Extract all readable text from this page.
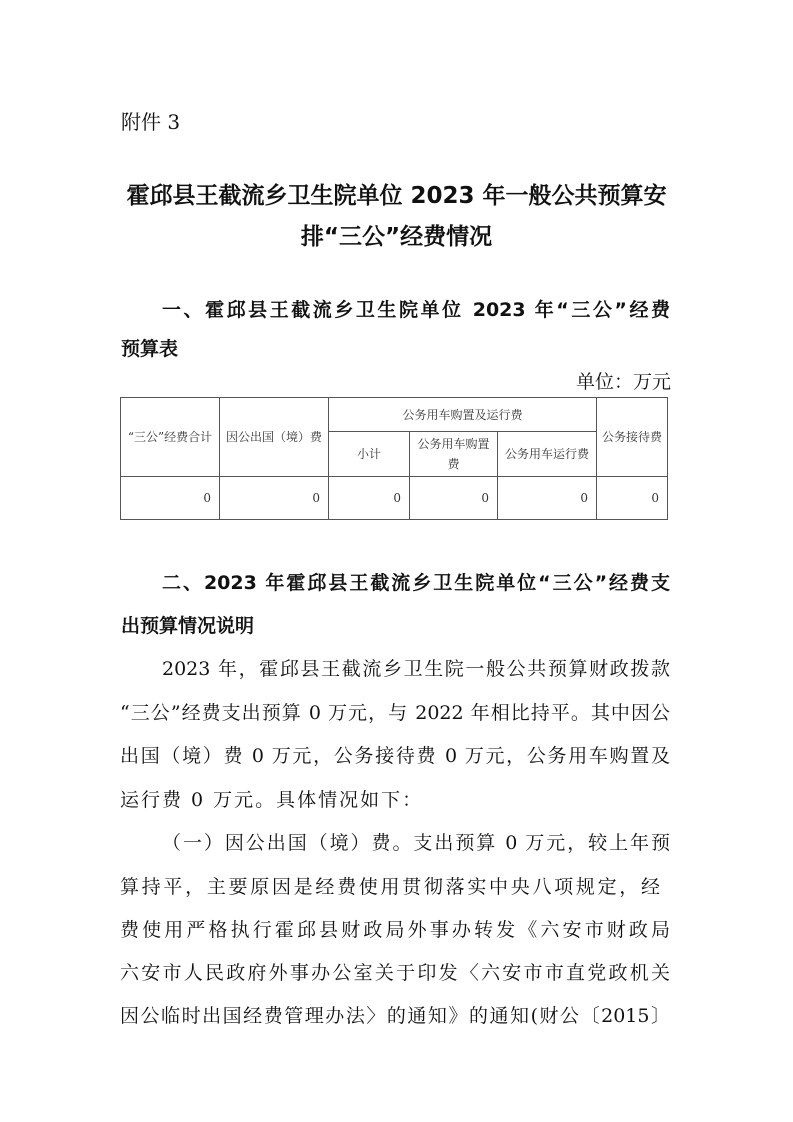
附件 3
霍邱县王截流乡卫生院单位 2023 年一般公共预算安
排“三公”经费情况
一、霍邱县王截流乡卫生院单位 2023 年“三公”经费
预算表
单位：万元
“三公”经费合计	因公出国（境）费	公务用车购置及运行费			公务接待费
		小计	公务用车购置费	公务用车运行费	
0	0	0	0	0	0
二、2023 年霍邱县王截流乡卫生院单位“三公”经费支
出预算情况说明
2023 年，霍邱县王截流乡卫生院一般公共预算财政拨款
“三公”经费支出预算 0 万元，与 2022 年相比持平。其中因公
出国（境）费 0 万元，公务接待费 0 万元，公务用车购置及
运行费 0 万元。具体情况如下：
（一）因公出国（境）费。支出预算 0 万元，较上年预
算持平，主要原因是经费使用贯彻落实中央八项规定，经
费使用严格执行霍邱县财政局外事办转发《六安市财政局
六安市人民政府外事办公室关于印发〈六安市市直党政机关
因公临时出国经费管理办法〉的通知》的通知(财公〔2015〕
